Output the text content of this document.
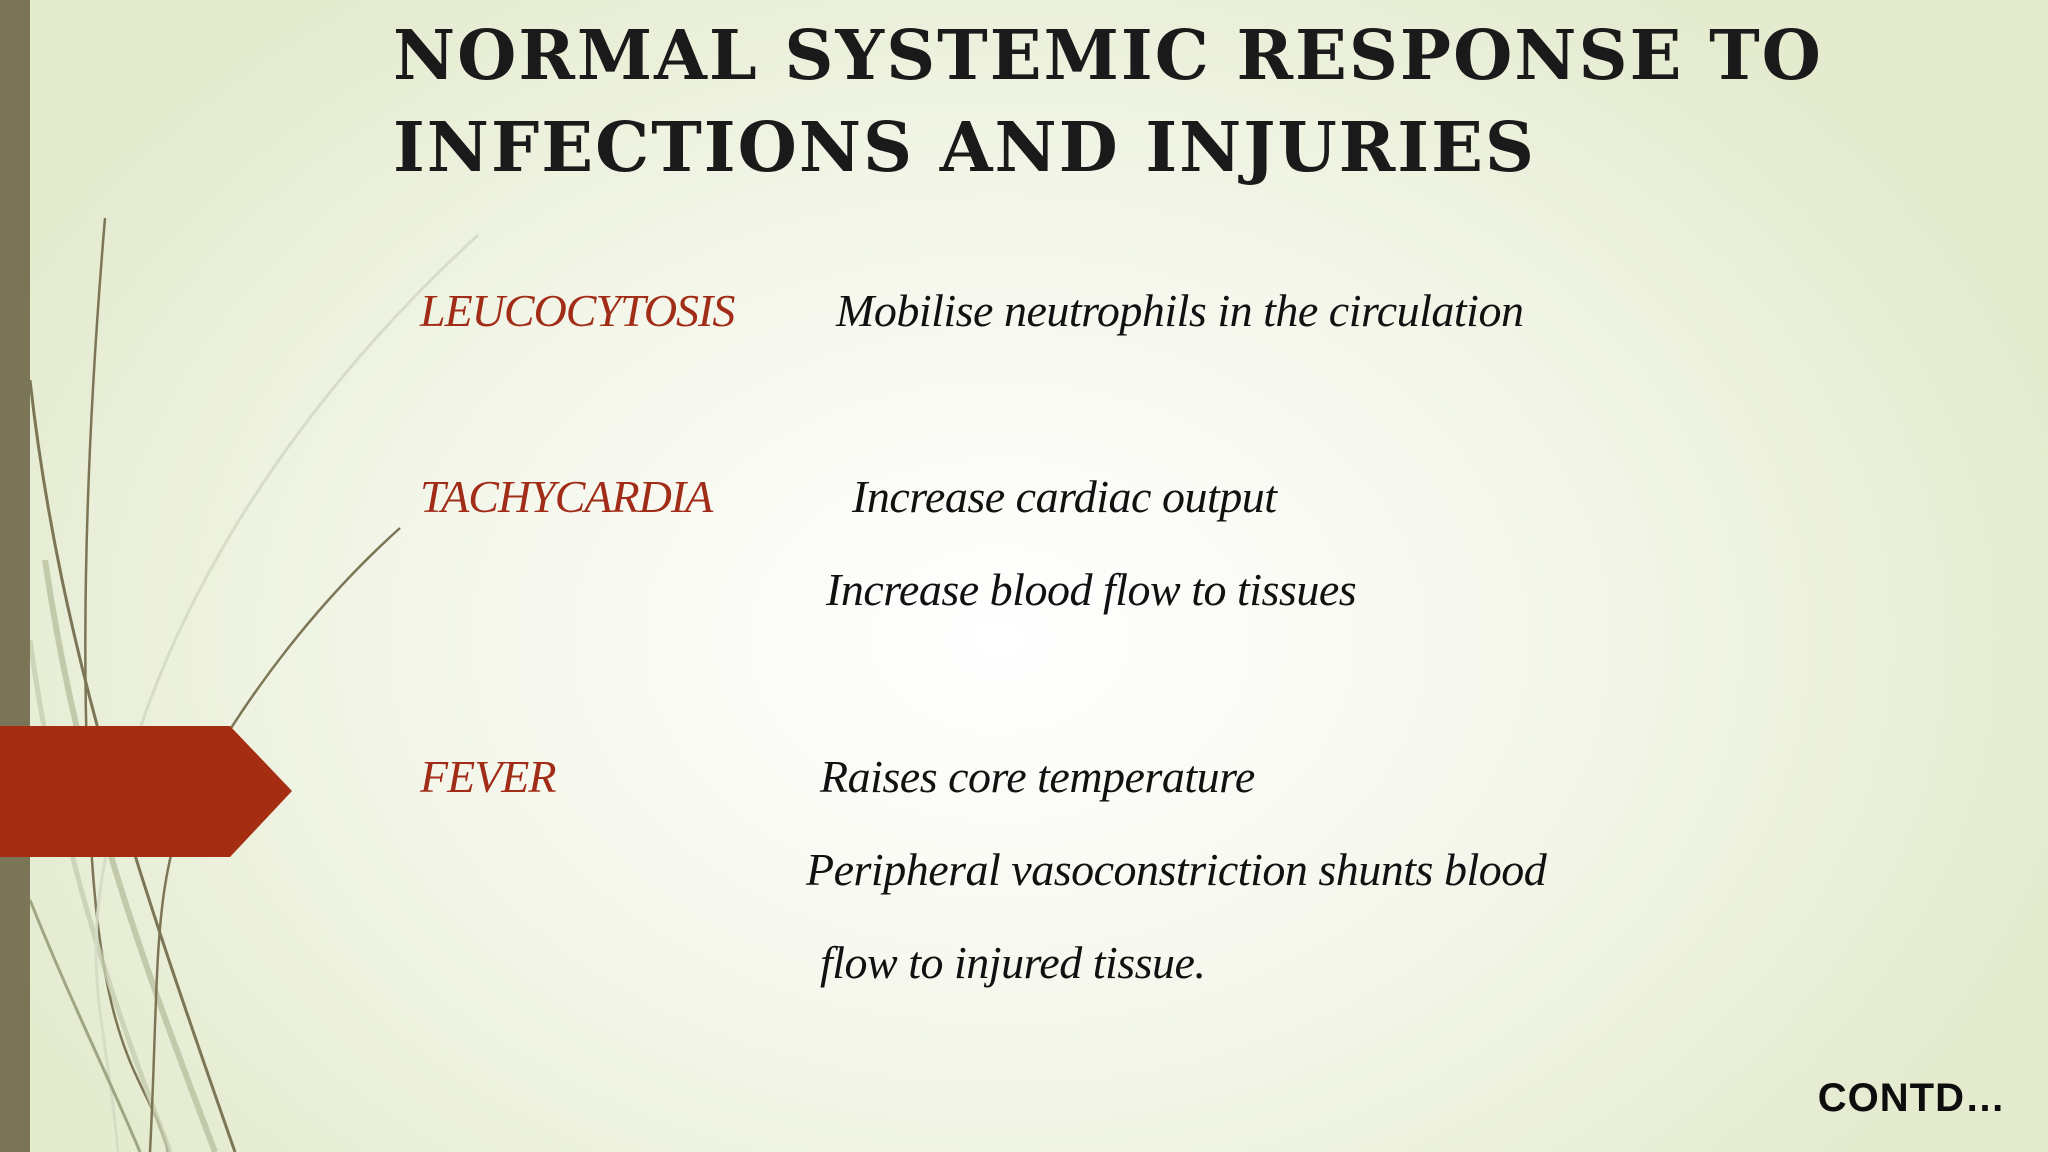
NORMAL SYSTEMIC RESPONSE TO INFECTIONS AND INJURIES
LEUCOCYTOSIS Mobilise neutrophils in the circulation
TACHYCARDIA	Increase cardiac output
Increase blood flow to tissues
FEVER	Raises core temperature
Peripheral vasoconstriction shunts blood
flow to injured tissue.
CONTD…
